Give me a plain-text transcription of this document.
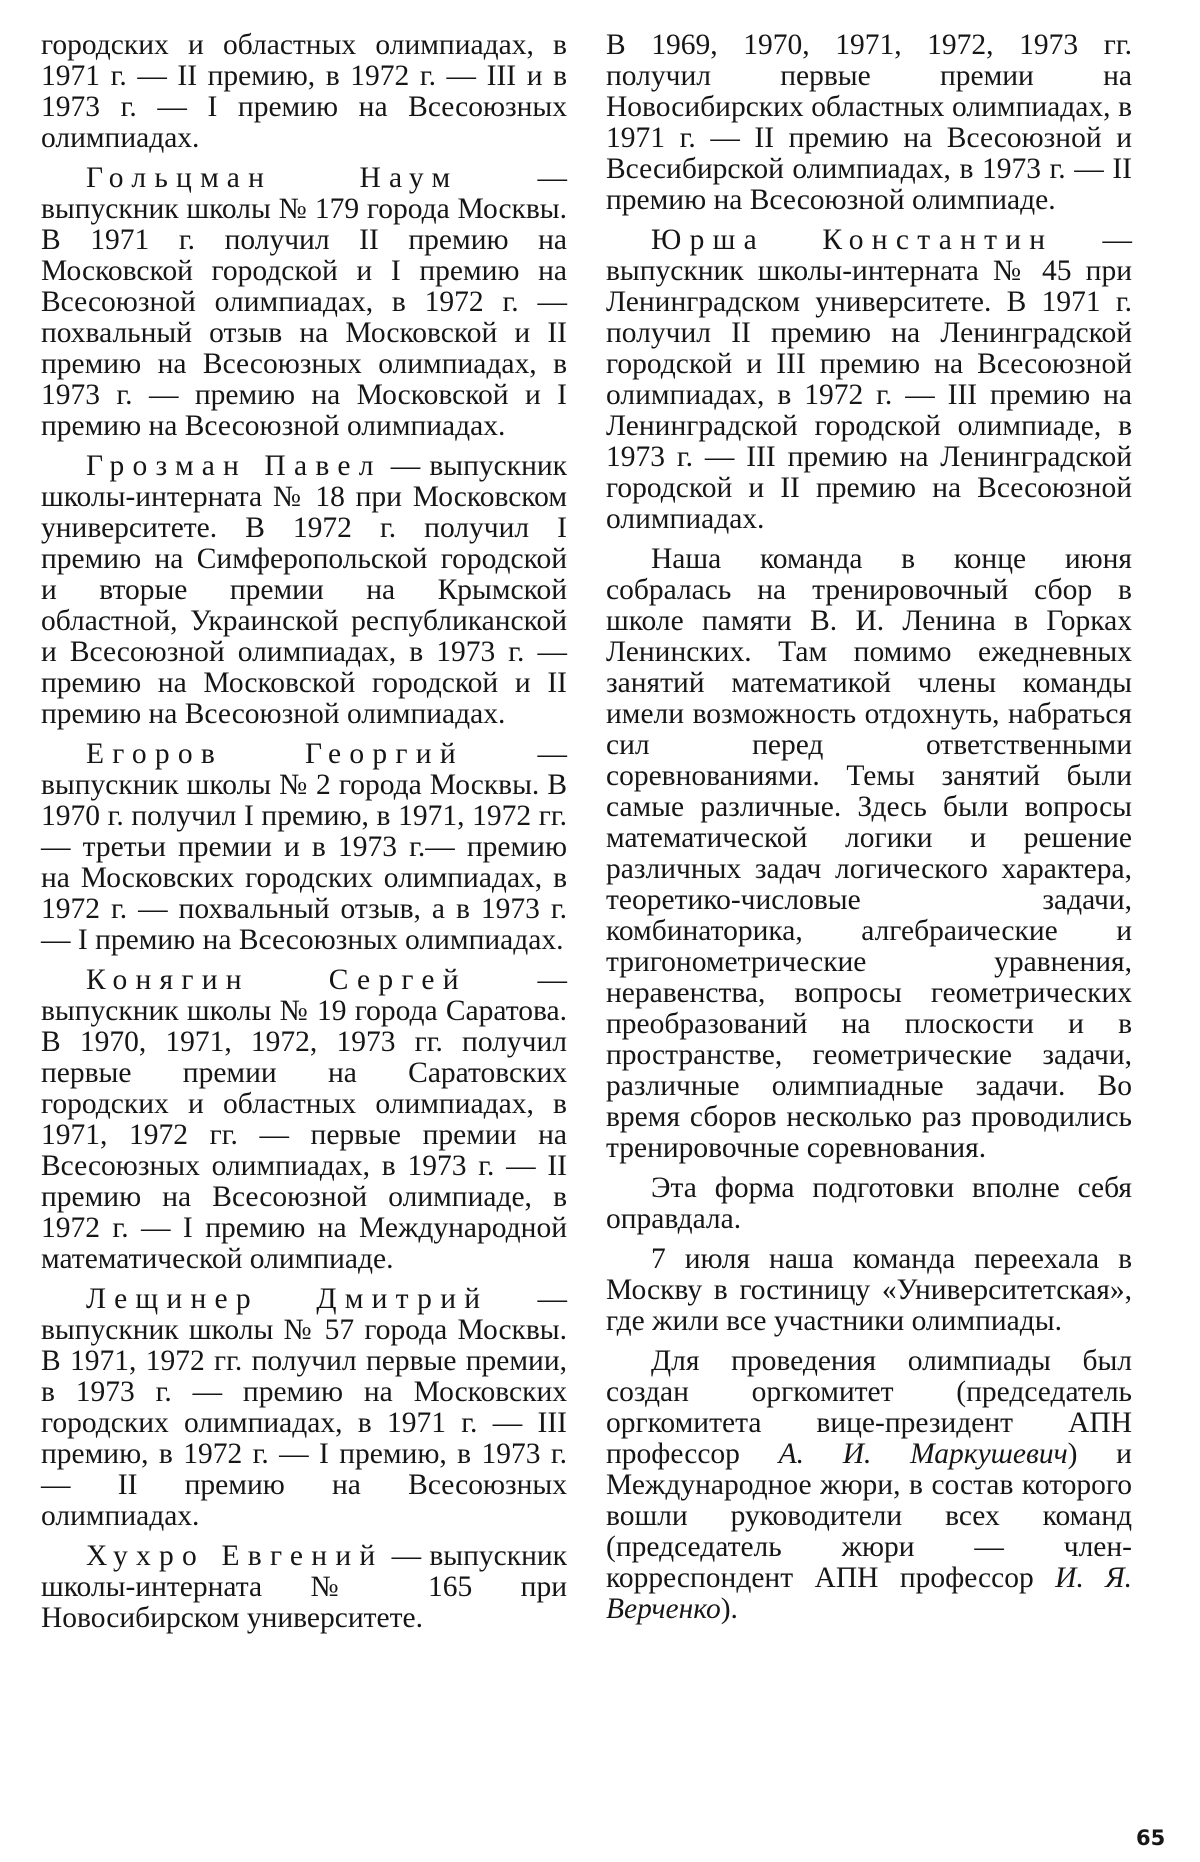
городских и областных олимпиадах, в 1971 г. — II премию, в 1972 г. — III и в 1973 г. — I премию на Всесоюзных олимпиадах.

Гольцман Наум — выпускник школы № 179 города Москвы. В 1971 г. получил II премию на Московской городской и I премию на Всесоюзной олимпиадах, в 1972 г. — похвальный отзыв на Московской и II премию на Всесоюзных олимпиадах, в 1973 г. — премию на Московской и I премию на Всесоюзной олимпиадах.

Грозман Павел — выпускник школы-интерната № 18 при Московском университете. В 1972 г. получил I премию на Симферопольской городской и вторые премии на Крымской областной, Украинской республиканской и Всесоюзной олимпиадах, в 1973 г. — премию на Московской городской и II премию на Всесоюзной олимпиадах.

Егоров Георгий — выпускник школы № 2 города Москвы. В 1970 г. получил I премию, в 1971, 1972 гг. — третьи премии и в 1973 г.— премию на Московских городских олимпиадах, в 1972 г. — похвальный отзыв, а в 1973 г. — I премию на Всесоюзных олимпиадах.

Конягин Сергей — выпускник школы № 19 города Саратова. В 1970, 1971, 1972, 1973 гг. получил первые премии на Саратовских городских и областных олимпиадах, в 1971, 1972 гг. — первые премии на Всесоюзных олимпиадах, в 1973 г. — II премию на Всесоюзной олимпиаде, в 1972 г. — I премию на Международной математической олимпиаде.

Лещинер Дмитрий — выпускник школы № 57 города Москвы. В 1971, 1972 гг. получил первые премии, в 1973 г. — премию на Московских городских олимпиадах, в 1971 г. — III премию, в 1972 г. — I премию, в 1973 г. — II премию на Всесоюзных олимпиадах.

Хухро Евгений — выпускник школы-интерната № 165 при Новосибирском университете.

В 1969, 1970, 1971, 1972, 1973 гг. получил первые премии на Новосибирских областных олимпиадах, в 1971 г. — II премию на Всесоюзной и Всесибирской олимпиадах, в 1973 г. — II премию на Всесоюзной олимпиаде.

Юрша Константин — выпускник школы-интерната № 45 при Ленинградском университете. В 1971 г. получил II премию на Ленинградской городской и III премию на Всесоюзной олимпиадах, в 1972 г. — III премию на Ленинградской городской олимпиаде, в 1973 г. — III премию на Ленинградской городской и II премию на Всесоюзной олимпиадах.

Наша команда в конце июня собралась на тренировочный сбор в школе памяти В. И. Ленина в Горках Ленинских. Там помимо ежедневных занятий математикой члены команды имели возможность отдохнуть, набраться сил перед ответственными соревнованиями. Темы занятий были самые различные. Здесь были вопросы математической логики и решение различных задач логического характера, теоретико-числовые задачи, комбинаторика, алгебраические и тригонометрические уравнения, неравенства, вопросы геометрических преобразований на плоскости и в пространстве, геометрические задачи, различные олимпиадные задачи. Во время сборов несколько раз проводились тренировочные соревнования.

Эта форма подготовки вполне себя оправдала.

7 июля наша команда переехала в Москву в гостиницу «Университетская», где жили все участники олимпиады.

Для проведения олимпиады был создан оргкомитет (председатель оргкомитета вице-президент АПН профессор А. И. Маркушевич) и Международное жюри, в состав которого вошли руководители всех команд (председатель жюри — член-корреспондент АПН профессор И. Я. Верченко).

65
